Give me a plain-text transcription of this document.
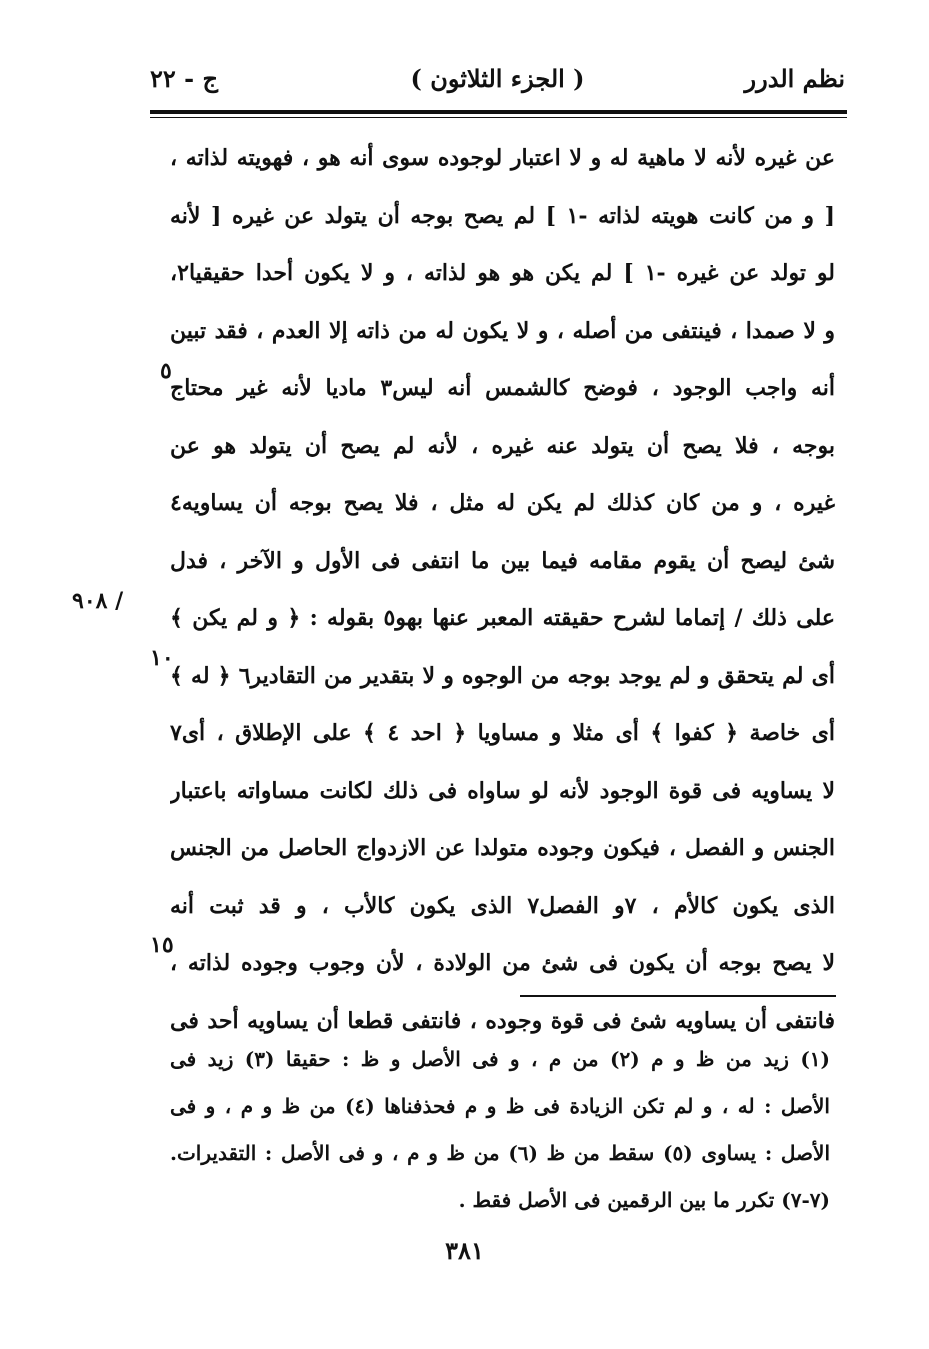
نظم الدرر
( الجزء الثلاثون )
ج - ٢٢
عن غيره لأنه لا ماهية له و لا اعتبار لوجوده سوى أنه هو ، فهويته لذاته ،
[ و من كانت هويته لذاته -١ ] لم يصح بوجه أن يتولد عن غيره [ لأنه
لو تولد عن غيره -١ ] لم يكن هو هو لذاته ، و لا يكون أحدا حقيقيا٢،
و لا صمدا ، فينتفى من أصله ، و لا يكون له من ذاته إلا العدم ، فقد تبين
أنه واجب الوجود ، فوضح كالشمس أنه ليس٣ ماديا لأنه غير محتاج
بوجه ، فلا يصح أن يتولد عنه غيره ، لأنه لم يصح أن يتولد هو عن
غيره ، و من كان كذلك لم يكن له مثل ، فلا يصح بوجه أن يساويه٤
شئ ليصح أن يقوم مقامه فيما بين ما انتفى فى الأول و الآخر ، فدل
على ذلك / إتماما لشرح حقيقته المعبر عنها بهو٥ بقوله : ﴿ و لم يكن ﴾
أى لم يتحقق و لم يوجد بوجه من الوجوه و لا بتقدير من التقادير٦ ﴿ له ﴾
أى خاصة ﴿ كفوا ﴾ أى مثلا و مساويا ﴿ احد ٤ ﴾ على الإطلاق ، أى٧
لا يساويه فى قوة الوجود لأنه لو ساواه فى ذلك لكانت مساواته باعتبار
الجنس و الفصل ، فيكون وجوده متولدا عن الازدواج الحاصل من الجنس
الذى يكون كالأم ، ٧و الفصل٧ الذى يكون كالأب ، و قد ثبت أنه
لا يصح بوجه أن يكون فى شئ من الولادة ، لأن وجوب وجوده لذاته ،
فانتفى أن يساويه شئ فى قوة وجوده ، فانتفى قطعا أن يساويه أحد فى
٥
١٠
١٥
٩٠٨ /
(١) زيد من ظ و م (٢) من م ، و فى الأصل و ظ : حقيقا (٣) زيد فى
الأصل : له ، و لم تكن الزيادة فى ظ و م فحذفناها (٤) من ظ و م ، و فى
الأصل : يساوى (٥) سقط من ظ (٦) من ظ و م ، و فى الأصل : التقديرات.
(٧-٧) تكرر ما بين الرقمين فى الأصل فقط .
٣٨١
